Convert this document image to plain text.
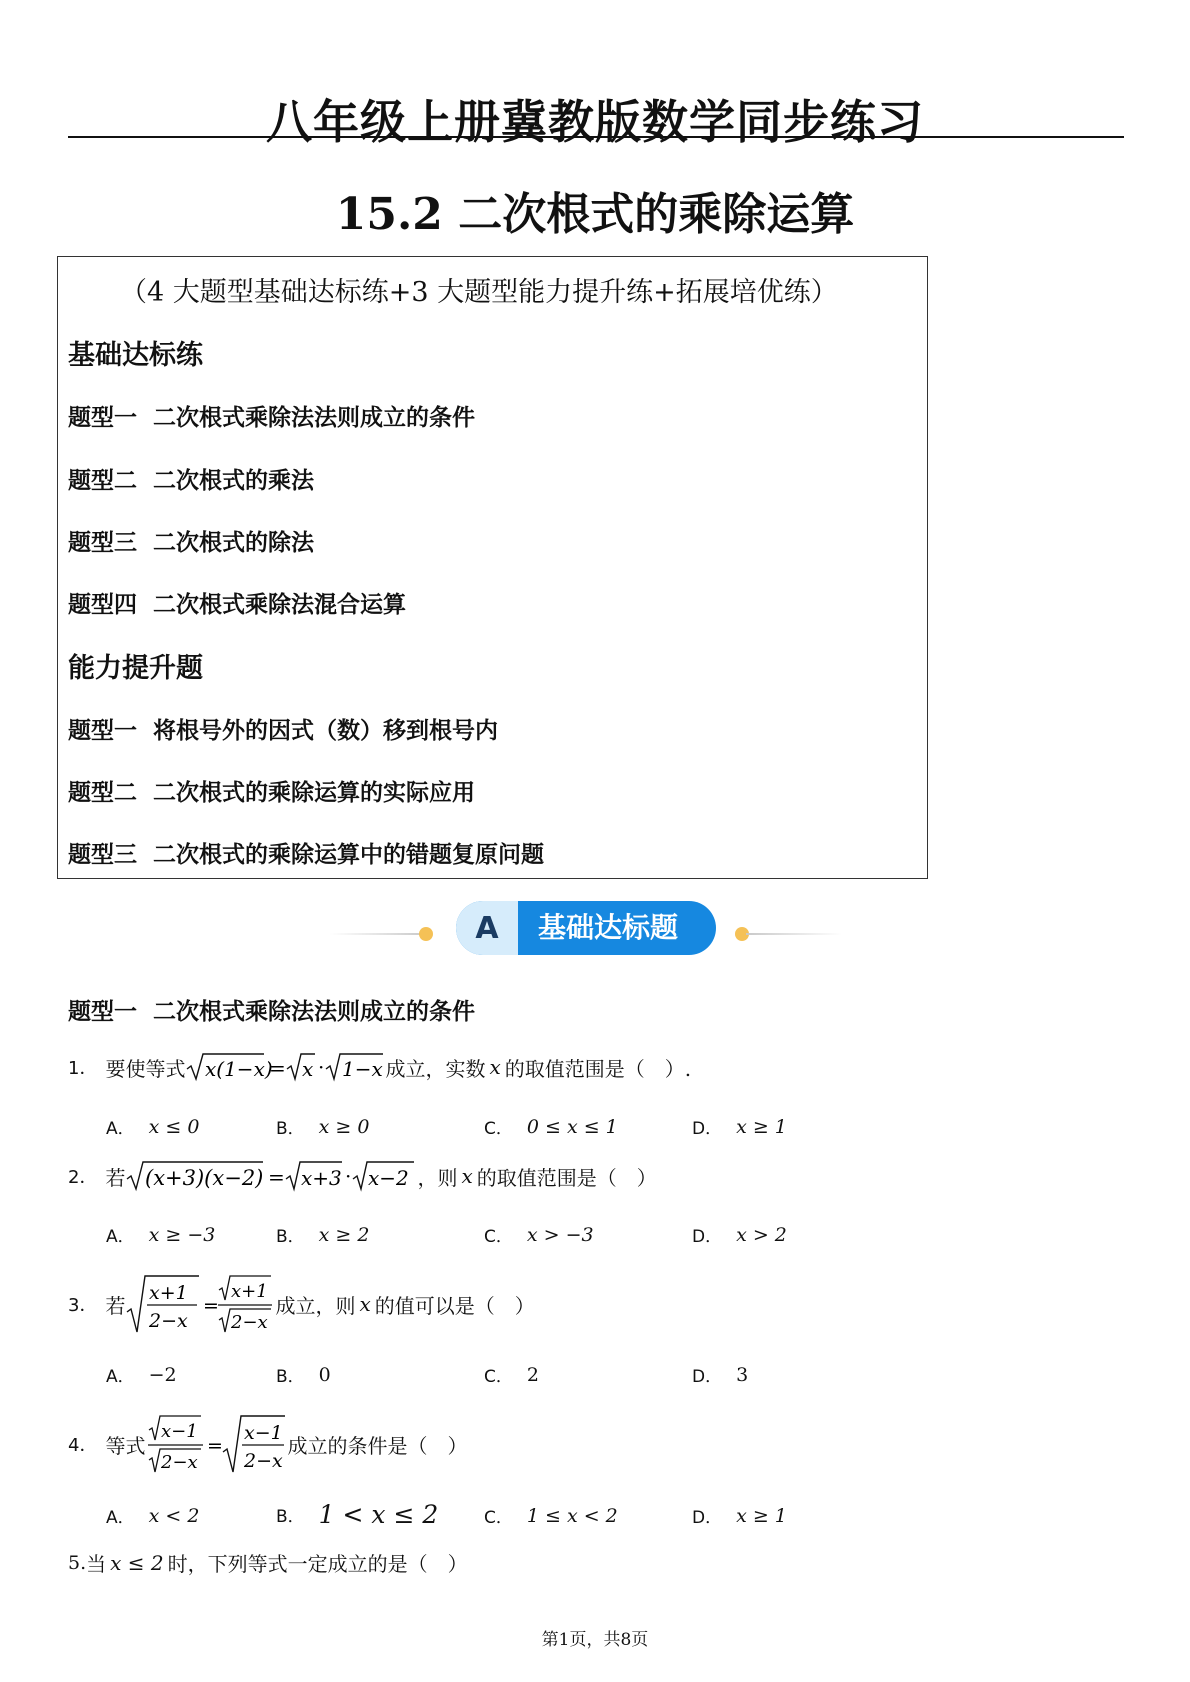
八年级上册冀教版数学同步练习
15.2 二次根式的乘除运算
（4 大题型基础达标练+3 大题型能力提升练+拓展培优练）
基础达标练
题型一  二次根式乘除法法则成立的条件
题型二  二次根式的乘法
题型三  二次根式的除法
题型四  二次根式乘除法混合运算
能力提升题
题型一  将根号外的因式（数）移到根号内
题型二  二次根式的乘除运算的实际应用
题型三  二次根式的乘除运算中的错题复原问题
A	基础达标题
题型一  二次根式乘除法法则成立的条件
1． 要使等式 x(1−x)
= x · 1−x 成立，实数 x 的取值范围是（　）.
A． x ≤ 0	B． x ≥ 0	C． 0 ≤ x ≤ 1	D． x ≥ 1
2． 若 (x+3)(x−2) = x+3 · x−2 ，则 x 的取值范围是（　）
A． x ≥ −3	B． x ≥ 2	C． x > −3	D． x > 2
3． 若
x+1
2−x
=
x+1
2−x
成立，则 x 的值可以是（　）
A． −2	B． 0	C． 2	D． 3
4． 等式
x−1
2−x
=
x−1
2−x
成立的条件是（　）
A． x < 2	B． 1 < x ≤ 2	C． 1 ≤ x < 2	D． x ≥ 1
5. 当 x ≤ 2 时，下列等式一定成立的是（　）
第1页，共8页
